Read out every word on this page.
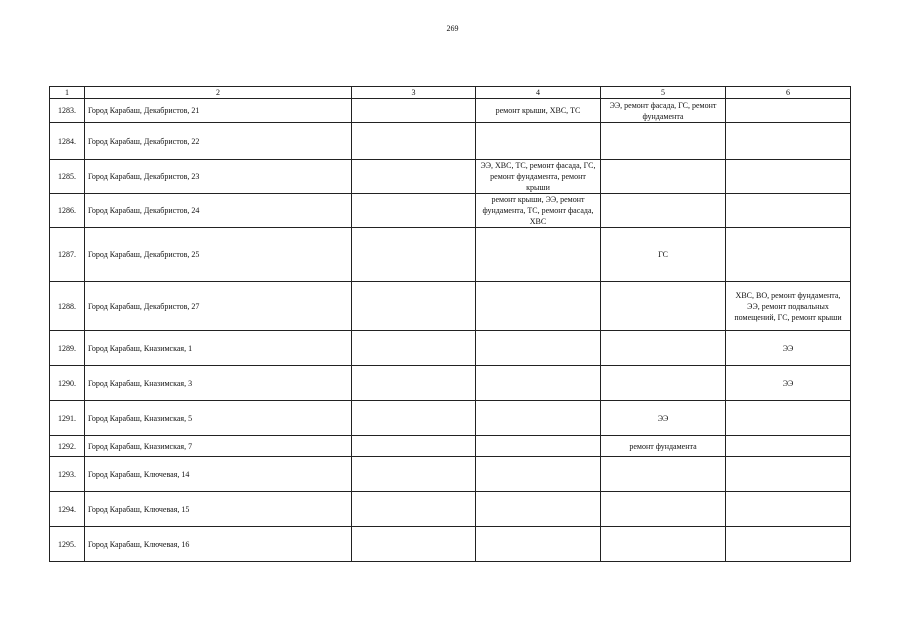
269
1	2	3	4	5	6
1283.	Город Карабаш, Декабристов, 21		ремонт крыши, ХВС, ТС	ЭЭ, ремонт фасада, ГС, ремонт фундамента	
1284.	Город Карабаш, Декабристов, 22				
1285.	Город Карабаш, Декабристов, 23		ЭЭ, ХВС, ТС, ремонт фасада, ГС, ремонт фундамента, ремонт крыши		
1286.	Город Карабаш, Декабристов, 24		ремонт крыши, ЭЭ, ремонт фундамента, ТС, ремонт фасада, ХВС		
1287.	Город Карабаш, Декабристов, 25			ГС	
1288.	Город Карабаш, Декабристов, 27				ХВС, ВО, ремонт фундамента, ЭЭ, ремонт подвальных помещений, ГС, ремонт крыши
1289.	Город Карабаш, Кназимская, 1				ЭЭ
1290.	Город Карабаш, Кназимская, 3				ЭЭ
1291.	Город Карабаш, Кназимская, 5			ЭЭ	
1292.	Город Карабаш, Кназимская, 7			ремонт фундамента	
1293.	Город Карабаш, Ключевая, 14				
1294.	Город Карабаш, Ключевая, 15				
1295.	Город Карабаш, Ключевая, 16				
